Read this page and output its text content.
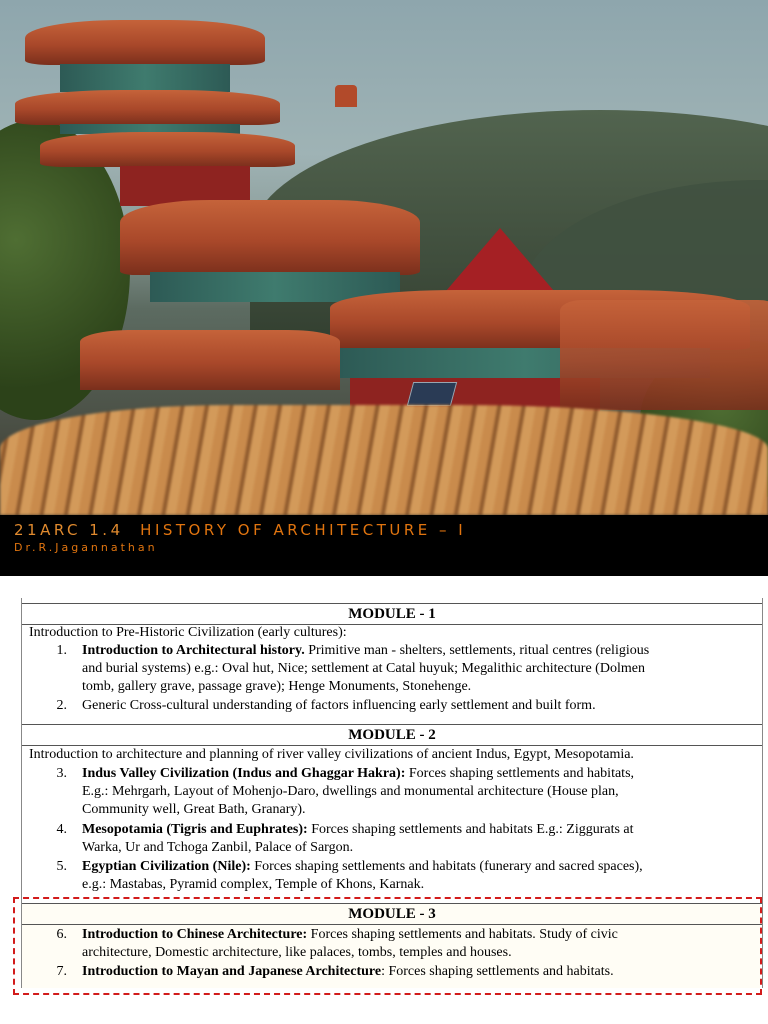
21ARC 1.4 HISTORY OF ARCHITECTURE – I
Dr.R.Jagannathan
MODULE - 1
Introduction to Pre-Historic Civilization (early cultures):
1. Introduction to Architectural history. Primitive man - shelters, settlements, ritual centres (religious
and burial systems) e.g.: Oval hut, Nice; settlement at Catal huyuk; Megalithic architecture (Dolmen
tomb, gallery grave, passage grave); Henge Monuments, Stonehenge.
2. Generic Cross-cultural understanding of factors influencing early settlement and built form.
MODULE - 2
Introduction to architecture and planning of river valley civilizations of ancient Indus, Egypt, Mesopotamia.
3. Indus Valley Civilization (Indus and Ghaggar Hakra): Forces shaping settlements and habitats,
E.g.: Mehrgarh, Layout of Mohenjo-Daro, dwellings and monumental architecture (House plan,
Community well, Great Bath, Granary).
4. Mesopotamia (Tigris and Euphrates): Forces shaping settlements and habitats E.g.: Ziggurats at
Warka, Ur and Tchoga Zanbil, Palace of Sargon.
5. Egyptian Civilization (Nile): Forces shaping settlements and habitats (funerary and sacred spaces),
e.g.: Mastabas, Pyramid complex, Temple of Khons, Karnak.
MODULE - 3
6. Introduction to Chinese Architecture: Forces shaping settlements and habitats. Study of civic
architecture, Domestic architecture, like palaces, tombs, temples and houses.
7. Introduction to Mayan and Japanese Architecture: Forces shaping settlements and habitats.
